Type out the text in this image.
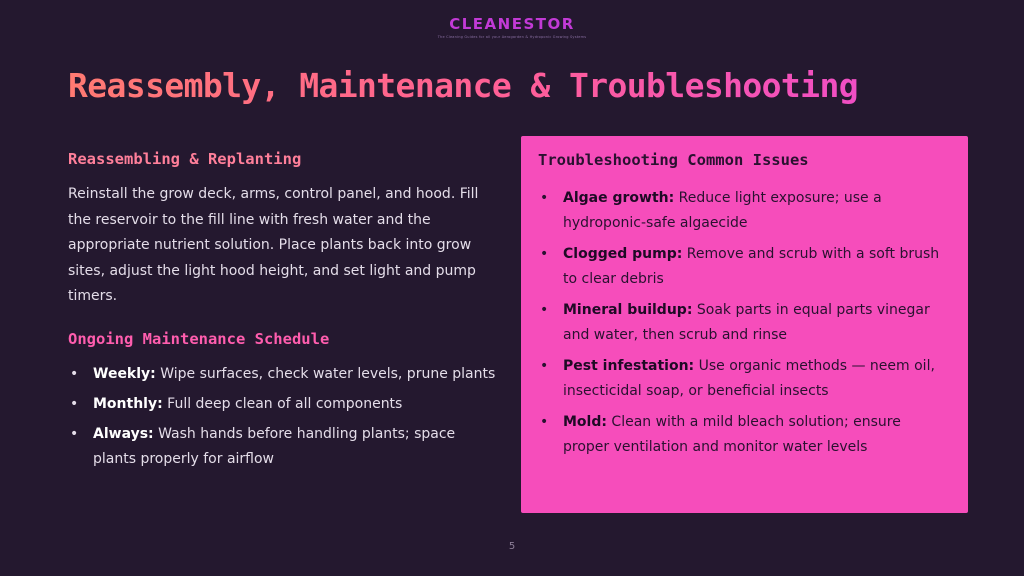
CLEANESTOR
The Cleaning Guides for all your Aerogarden & Hydroponic Growing Systems
Reassembly, Maintenance & Troubleshooting
Reassembling & Replanting

Reinstall the grow deck, arms, control panel, and hood. Fill the reservoir to the fill line with fresh water and the appropriate nutrient solution. Place plants back into grow sites, adjust the light hood height, and set light and pump timers.

Ongoing Maintenance Schedule
• Weekly: Wipe surfaces, check water levels, prune plants
• Monthly: Full deep clean of all components
• Always: Wash hands before handling plants; space plants properly for airflow
Troubleshooting Common Issues
• Algae growth: Reduce light exposure; use a hydroponic-safe algaecide
• Clogged pump: Remove and scrub with a soft brush to clear debris
• Mineral buildup: Soak parts in equal parts vinegar and water, then scrub and rinse
• Pest infestation: Use organic methods — neem oil, insecticidal soap, or beneficial insects
• Mold: Clean with a mild bleach solution; ensure proper ventilation and monitor water levels
5
